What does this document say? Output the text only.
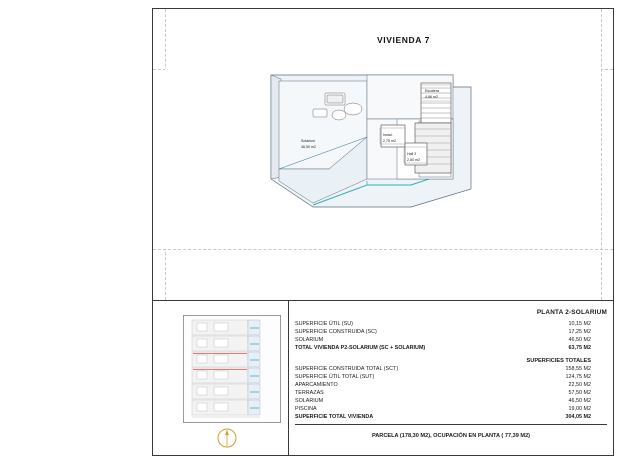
VIVIENDA 7
Solarium
46,50 m2
Escalera
4,86 m2
Instal.
2,75 m2
Hall 3
2,80 m2
PLANTA 2-SOLARIUM
SUPERFICIE ÚTIL (SU)	10,15 M2
SUPERFICIE CONSTRUIDA (SC)	17,25 M2
SOLARIUM	46,50 M2
TOTAL VIVIENDA P2-SOLARIUM (SC + SOLARIUM)	63,75 M2
SUPERFICIES TOTALES
SUPERFICIE CONSTRUIDA TOTAL (SCT)	158,55 M2
SUPERFICIE ÚTIL TOTAL (SUT)	124,75 M2
APARCAMIENTO	22,50 M2
TERRAZAS	57,50 M2
SOLARIUM	46,50 M2
PISCINA	19,00 M2
SUPERFICIE TOTAL VIVIENDA	304,05 M2
PARCELA (178,30 M2), OCUPACIÓN EN PLANTA ( 77,39 M2)
